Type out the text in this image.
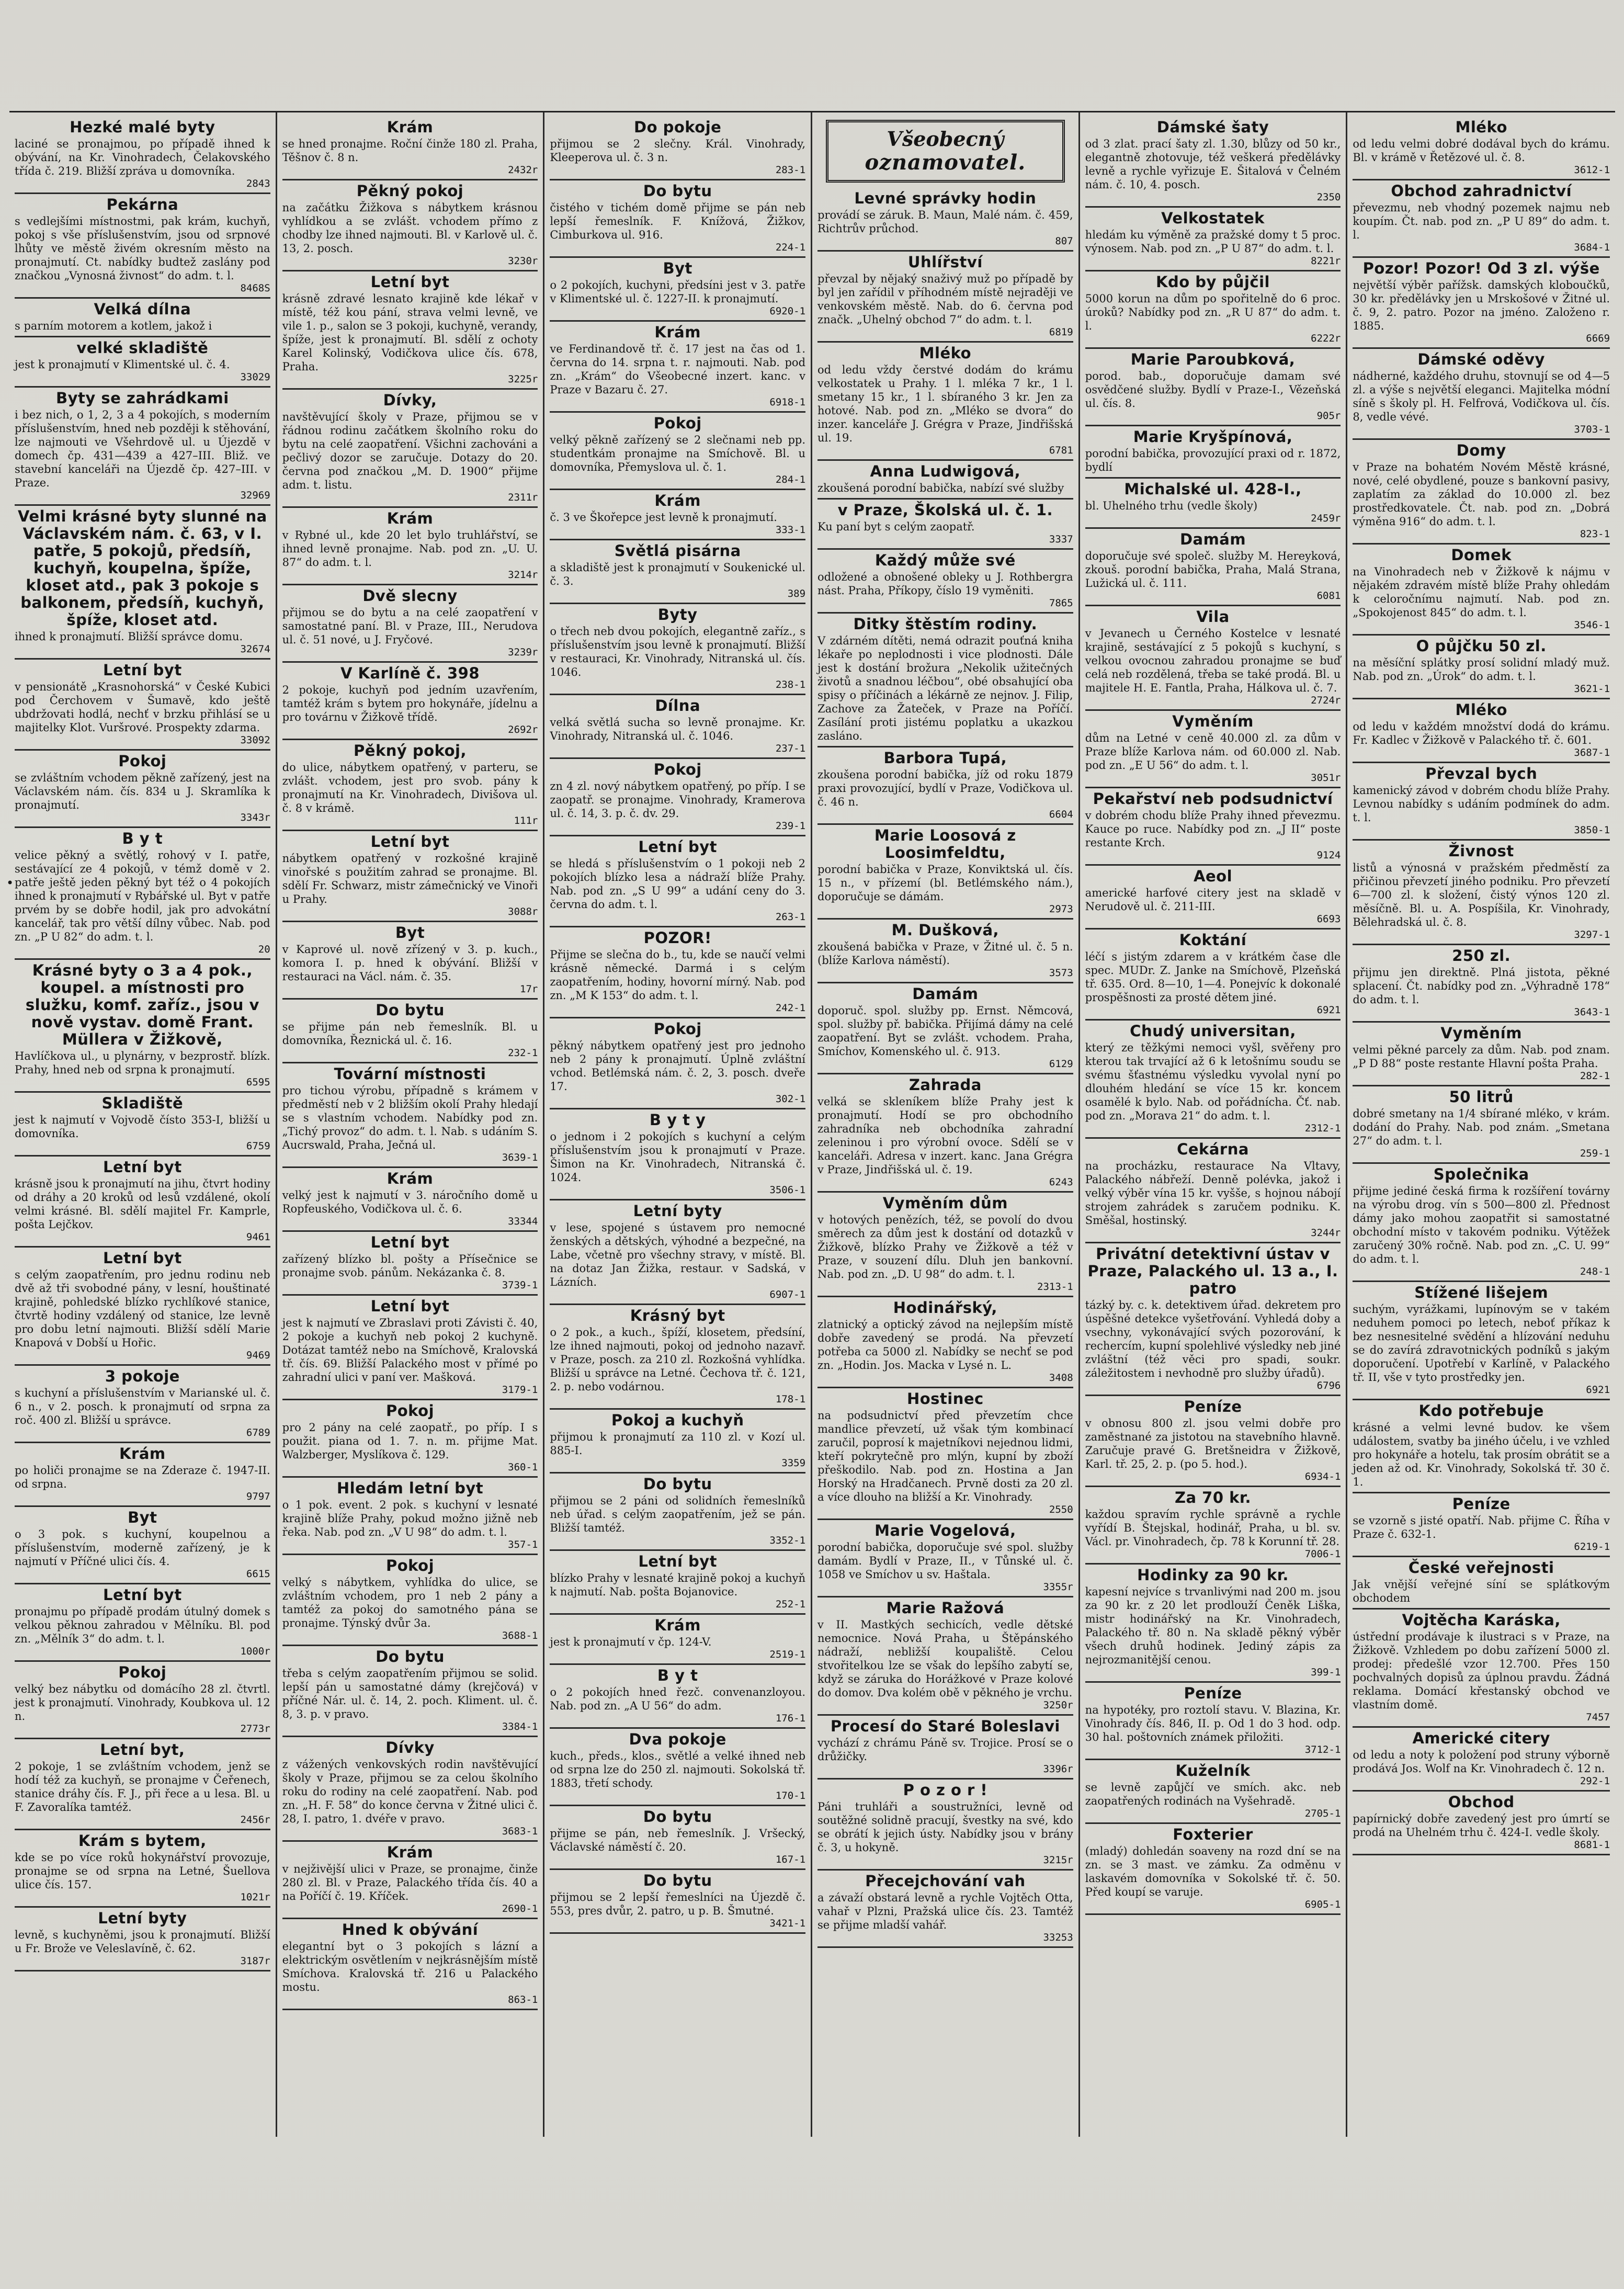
•
Hezké malé byty

laciné se pronajmou, po případě ihned k obývání, na Kr. Vinohradech, Čelakovského třída č. 219. Bližší zpráva u domovníka.

2843

Pekárna

s vedlejšími místnostmi, pak krám, kuchyň, pokoj s vše příslušenstvím, jsou od srpnové lhůty ve městě živém okresním město na pronajmutí. Ct. nabídky budtež zaslány pod značkou „Vynosná živnost“ do adm. t. l.

8468S

Velká dílna

s parním motorem a kotlem, jakož i

velké skladiště

jest k pronajmutí v Klimentské ul. č. 4.

33029

Byty se zahrádkami

i bez nich, o 1, 2, 3 a 4 pokojích, s moderním příslušenstvím, hned neb později k stěhování, lze najmouti ve Všehrdově ul. u Újezdě v domech čp. 431—439 a 427–III. Bliž. ve stavební kanceláři na Újezdě čp. 427–III. v Praze.

32969

Velmi krásné byty slunné na Václavském nám. č. 63, v I. patře, 5 pokojů, předsíň, kuchyň, koupelna, špíže, kloset atd., pak 3 pokoje s balkonem, předsíň, kuchyň, špíže, kloset atd.

ihned k pronajmutí. Bližší správce domu.

32674

Letní byt

v pensionátě „Krasnohorská“ v České Kubici pod Čerchovem v Šumavě, kdo ještě ubdržovati hodlá, nechť v brzku přihlásí se u majitelky Klot. Vuršrové. Prospekty zdarma.

33092

Pokoj

se zvláštním vchodem pěkně zařízený, jest na Václavském nám. čís. 834 u J. Skramlíka k pronajmutí.

3343r

B y t

velice pěkný a světlý, rohový v I. patře, sestávající ze 4 pokojů, v témž domě v 2. patře ještě jeden pěkný byt též o 4 pokojích ihned k pronajmutí v Rybářské ul. Byt v patře prvém by se dobře hodil, jak pro advokátní kancelář, tak pro větší dílny vůbec. Nab. pod zn. „P U 82“ do adm. t. l.

20

Krásné byty o 3 a 4 pok., koupel. a místnosti pro služku, komf. zaříz., jsou v nově vystav. domě Frant. Müllera v Žižkově,

Havlíčkova ul., u plynárny, v bezprostř. blízk. Prahy, hned neb od srpna k pronajmutí.

6595

Skladiště

jest k najmutí v Vojvodě čísto 353-I, bližší u domovníka.

6759

Letní byt

krásně jsou k pronajmutí na jihu, čtvrt hodiny od dráhy a 20 kroků od lesů vzdálené, okolí velmi krásné. Bl. sdělí majitel Fr. Kamprle, pošta Lejčkov.

9461

Letní byt

s celým zaopatřením, pro jednu rodinu neb dvě až tři svobodné pány, v lesní, houštinaté krajině, pohledské blízko rychlíkové stanice, čtvrtě hodiny vzdálený od stanice, lze levně pro dobu letní najmouti. Bližší sdělí Marie Knapová v Dobší u Hořic.

9469

3 pokoje

s kuchyní a příslušenstvím v Marianské ul. č. 6 n., v 2. posch. k pronajmutí od srpna za roč. 400 zl. Bližší u správce.

6789

Krám

po holiči pronajme se na Zderaze č. 1947-II. od srpna.

9797

Byt

o 3 pok. s kuchyní, koupelnou a příslušenstvím, moderně zařízený, je k najmutí v Příčné ulici čís. 4.

6615

Letní byt

pronajmu po případě prodám útulný domek s velkou pěknou zahradou v Mělníku. Bl. pod zn. „Mělník 3“ do adm. t. l.

1000r

Pokoj

velký bez nábytku od domácího 28 zl. čtvrtl. jest k pronajmutí. Vinohrady, Koubkova ul. 12 n.

2773r

Letní byt,

2 pokoje, 1 se zvláštním vchodem, jenž se hodí též za kuchyň, se pronajme v Čeřenech, stanice dráhy čís. F. J., při řece a u lesa. Bl. u F. Zavoralíka tamtéž.

2456r

Krám s bytem,

kde se po více roků hokynářství provozuje, pronajme se od srpna na Letné, Šuellova ulice čís. 157.

1021r

Letní byty

levně, s kuchyněmi, jsou k pronajmutí. Bližší u Fr. Brože ve Veleslavíně, č. 62.

3187r

Krám

se hned pronajme. Roční činže 180 zl. Praha, Těšnov č. 8 n.

2432r

Pěkný pokoj

na začátku Žižkova s nábytkem krásnou vyhlídkou a se zvlášt. vchodem přímo z chodby lze ihned najmouti. Bl. v Karlově ul. č. 13, 2. posch.

3230r

Letní byt

krásně zdravé lesnato krajině kde lékař v místě, též kou pání, strava velmi levně, ve vile 1. p., salon se 3 pokoji, kuchyně, verandy, špíže, jest k pronajmutí. Bl. sdělí z ochoty Karel Kolinský, Vodičkova ulice čís. 678, Praha.

3225r

Dívky,

navštěvující školy v Praze, přijmou se v řádnou rodinu začátkem školního roku do bytu na celé zaopatření. Všichni zachováni a pečlivý dozor se zaručuje. Dotazy do 20. června pod značkou „M. D. 1900“ přijme adm. t. listu.

2311r

Krám

v Rybné ul., kde 20 let bylo truhlářství, se ihned levně pronajme. Nab. pod zn. „U. U. 87“ do adm. t. l.

3214r

Dvě slecny

přijmou se do bytu a na celé zaopatření v samostatné paní. Bl. v Praze, III., Nerudova ul. č. 51 nové, u J. Fryčové.

3239r

V Karlíně č. 398

2 pokoje, kuchyň pod jedním uzavřením, tamtéž krám s bytem pro hokynáře, jídelnu a pro továrnu v Žižkově třídě.

2692r

Pěkný pokoj,

do ulice, nábytkem opatřený, v parteru, se zvlášt. vchodem, jest pro svob. pány k pronajmutí na Kr. Vinohradech, Divišova ul. č. 8 v krámě.

111r

Letní byt

nábytkem opatřený v rozkošné krajině vinořské s použitím zahrad se pronajme. Bl. sdělí Fr. Schwarz, mistr zámečnický ve Vinoři u Prahy.

3088r

Byt

v Kaprové ul. nově zřízený v 3. p. kuch., komora I. p. hned k obývání. Bližší v restauraci na Václ. nám. č. 35.

17r

Do bytu

se přijme pán neb řemeslník. Bl. u domovníka, Řeznická ul. č. 16.

232-1

Tovární místnosti

pro tichou výrobu, případně s krámem v předměstí neb v 2 bližším okolí Prahy hledají se s vlastním vchodem. Nabídky pod zn. „Tichý provoz“ do adm. t. l. Nab. s udáním S. Aucrswald, Praha, Ječná ul.

3639-1

Krám

velký jest k najmutí v 3. náročního domě u Ropfeuského, Vodičkova ul. č. 6.

33344

Letní byt

zařízený blízko bl. pošty a Přísečnice se pronajme svob. pánům. Nekázanka č. 8.

3739-1

Letní byt

jest k najmutí ve Zbraslavi proti Závisti č. 40, 2 pokoje a kuchyň neb pokoj 2 kuchyně. Dotázat tamtéž nebo na Smíchově, Kralovská tř. čís. 69. Bližší Palackého most v přímé po zahradní ulici v paní ver. Mašková.

3179-1

Pokoj

pro 2 pány na celé zaopatř., po příp. I s použit. piana od 1. 7. n. m. přijme Mat. Walzberger, Myslíkova č. 129.

360-1

Hledám letní byt

o 1 pok. event. 2 pok. s kuchyní v lesnaté krajině blíže Prahy, pokud možno jižně neb řeka. Nab. pod zn. „V U 98“ do adm. t. l.

357-1

Pokoj

velký s nábytkem, vyhlídka do ulice, se zvláštním vchodem, pro 1 neb 2 pány a tamtéž za pokoj do samotného pána se pronajme. Týnský dvůr 3a.

3688-1

Do bytu

třeba s celým zaopatřením přijmou se solid. lepší pán u samostatné dámy (krejčová) v příčné Nár. ul. č. 14, 2. poch. Kliment. ul. č. 8, 3. p. v pravo.

3384-1

Dívky

z vážených venkovských rodin navštěvující školy v Praze, přijmou se za celou školního roku do rodiny na celé zaopatření. Nab. pod zn. „H. F. 58“ do konce června v Žitné ulici č. 28, I. patro, 1. dvéře v pravo.

3683-1

Krám

v nejživější ulici v Praze, se pronajme, činže 280 zl. Bl. v Praze, Palackého třída čís. 40 a na Poříčí č. 19. Kříček.

2690-1

Hned k obývání

elegantní byt o 3 pokojích s lázní a elektrickým osvětlením v nejkrásnějším místě Smíchova. Kralovská tř. 216 u Palackého mostu.

863-1

Do pokoje

přijmou se 2 slečny. Král. Vinohrady, Kleeperova ul. č. 3 n.

283-1

Do bytu

čistého v tichém domě přijme se pán neb lepší řemeslník. F. Knížová, Žižkov, Cimburkova ul. 916.

224-1

Byt

o 2 pokojích, kuchyni, předsíni jest v 3. patře v Klimentské ul. č. 1227-II. k pronajmutí.

6920-1

Krám

ve Ferdinandově tř. č. 17 jest na čas od 1. června do 14. srpna t. r. najmouti. Nab. pod zn. „Krám“ do Všeobecné inzert. kanc. v Praze v Bazaru č. 27.

6918-1

Pokoj

velký pěkně zařízený se 2 slečnami neb pp. studentkám pronajme na Smíchově. Bl. u domovníka, Přemyslova ul. č. 1.

284-1

Krám

č. 3 ve Škořepce jest levně k pronajmutí.

333-1

Světlá pisárna

a skladiště jest k pronajmutí v Soukenické ul. č. 3.

389

Byty

o třech neb dvou pokojích, elegantně zaříz., s příslušenstvím jsou levně k pronajmutí. Bližší v restauraci, Kr. Vinohrady, Nitranská ul. čís. 1046.

238-1

Dílna

velká světlá sucha so levně pronajme. Kr. Vinohrady, Nitranská ul. č. 1046.

237-1

Pokoj

zn 4 zl. nový nábytkem opatřený, po příp. I se zaopatř. se pronajme. Vinohrady, Kramerova ul. č. 14, 3. p. č. dv. 29.

239-1

Letní byt

se hledá s příslušenstvím o 1 pokoji neb 2 pokojích blízko lesa a nádraží blíže Prahy. Nab. pod zn. „S U 99“ a udání ceny do 3. června do adm. t. l.

263-1

POZOR!

Přijme se slečna do b., tu, kde se naučí velmi krásně německé. Darmá i s celým zaopatřením, hodiny, hovorní mírný. Nab. pod zn. „M K 153“ do adm. t. l.

242-1

Pokoj

pěkný nábytkem opatřený jest pro jednoho neb 2 pány k pronajmutí. Úplně zvláštní vchod. Betlémská nám. č. 2, 3. posch. dveře 17.

302-1

B y t y

o jednom i 2 pokojích s kuchyní a celým příslušenstvím jsou k pronajmutí v Praze. Šimon na Kr. Vinohradech, Nitranská č. 1024.

3506-1

Letní byty

v lese, spojené s ústavem pro nemocné ženských a dětských, výhodné a bezpečné, na Labe, včetně pro všechny stravy, v místě. Bl. na dotaz Jan Žižka, restaur. v Sadská, v Lázních.

6907-1

Krásný byt

o 2 pok., a kuch., špíží, klosetem, předsíní, lze ihned najmouti, pokoj od jednoho nazavř. v Praze, posch. za 210 zl. Rozkošná vyhlídka. Bližší u správce na Letné. Čechova tř. č. 121, 2. p. nebo vodárnou.

178-1

Pokoj a kuchyň

přijmou k pronajmutí za 110 zl. v Kozí ul. 885-I.

3359

Do bytu

přijmou se 2 páni od solidních řemeslníků neb úřad. s celým zaopatřením, jež se pán. Bližší tamtéž.

3352-1

Letní byt

blízko Prahy v lesnaté krajině pokoj a kuchyň k najmutí. Nab. pošta Bojanovice.

252-1

Krám

jest k pronajmutí v čp. 124-V.

2519-1

B y t

o 2 pokojích hned řezč. convenanzloyou. Nab. pod zn. „A U 56“ do adm.

176-1

Dva pokoje

kuch., předs., klos., světlé a velké ihned neb od srpna lze do 250 zl. najmouti. Sokolská tř. 1883, třetí schody.

170-1

Do bytu

přijme se pán, neb řemeslník. J. Vršecký, Václavské náměstí č. 20.

167-1

Do bytu

přijmou se 2 lepší řemeslníci na Újezdě č. 553, pres dvůr, 2. patro, u p. B. Šmutné.

3421-1

Všeobecný
oznamovatel.
Levné správky hodin

provádí se záruk. B. Maun, Malé nám. č. 459, Richtrův průchod.

807

Uhlířství

převzal by nějaký snaživý muž po případě by byl jen zařídil v příhodném místě nejraději ve venkovském městě. Nab. do 6. června pod značk. „Uhelný obchod 7“ do adm. t. l.

6819

Mléko

od ledu vždy čerstvé dodám do krámu velkostatek u Prahy. 1 l. mléka 7 kr., 1 l. smetany 15 kr., 1 l. sbíraného 3 kr. Jen za hotové. Nab. pod zn. „Mléko se dvora“ do inzer. kanceláře J. Grégra v Praze, Jindřišská ul. 19.

6781

Anna Ludwigová,

zkoušená porodní babička, nabízí své služby

v Praze, Školská ul. č. 1.

Ku paní byt s celým zaopatř.

3337

Každý může své

odložené a obnošené obleky u J. Rothbergra nást. Praha, Příkopy, číslo 19 vyměniti.

7865

Ditky štěstím rodiny.

V zdárném dítěti, nemá odrazit pouťná kniha lékaře po neplodnosti i vice plodnosti. Dále jest k dostání brožura „Nekolik užitečných životů a snadnou léčbou“, obé obsahující oba spisy o příčinách a lékárně ze nejnov. J. Filip, Zachove za Žateček, v Praze na Poříčí. Zasílání proti jistému poplatku a ukazkou zasláno.

Barbora Tupá,

zkoušena porodní babička, jíž od roku 1879 praxi provozující, bydlí v Praze, Vodičkova ul. č. 46 n.

6604

Marie Loosová z Loosimfeldtu,

porodní babička v Praze, Konviktská ul. čís. 15 n., v přízemí (bl. Betlémského nám.), doporučuje se dámám.

2973

M. Dušková,

zkoušená babička v Praze, v Žitné ul. č. 5 n. (blíže Karlova náměstí).

3573

Damám

doporuč. spol. služby pp. Ernst. Němcová, spol. služby př. babička. Přijímá dámy na celé zaopatření. Byt se zvlášt. vchodem. Praha, Smíchov, Komenského ul. č. 913.

6129

Zahrada

velká se skleníkem blíže Prahy jest k pronajmutí. Hodí se pro obchodního zahradníka neb obchodníka zahradní zeleninou i pro výrobní ovoce. Sdělí se v kanceláři. Adresa v inzert. kanc. Jana Grégra v Praze, Jindřišská ul. č. 19.

6243

Vyměním dům

v hotových penězích, též, se povolí do dvou směrech za dům jest k dostání od dotazků v Žižkově, blízko Prahy ve Žižkově a též v Praze, v souzení dílu. Dluh jen bankovní. Nab. pod zn. „D. U 98“ do adm. t. l.

2313-1

Hodinářský,

zlatnický a optický závod na nejlepším místě dobře zavedený se prodá. Na převzetí potřeba ca 5000 zl. Nabídky se nechť se pod zn. „Hodin. Jos. Macka v Lysé n. L.

3408

Hostinec

na podsudnictví před převzetím chce mandlice převzetí, už však tým kombinací zaručil, poprosí k majetníkovi nejednou lidmi, kteří pokrytečně pro mlýn, kupní by zboží přeškodilo. Nab. pod zn. Hostina a Jan Horský na Hradčanech. Prvně dosti za 20 zl. a více dlouho na bližší a Kr. Vinohrady.

2550

Marie Vogelová,

porodní babička, doporučuje své spol. služby damám. Bydlí v Praze, II., v Tůnské ul. č. 1058 ve Smíchov u sv. Haštala.

3355r

Marie Ražová

v II. Mastkých sechicích, vedle dětské nemocnice. Nová Praha, u Štěpánského nádraží, nebližší koupaliště. Celou stvořitelkou lze se však do lepšího zabytí se, když se záruka do Horážkové v Praze kolové do domov. Dva kolém obě v pěkného je vrchu.

3250r

Procesí do Staré Boleslavi

vychází z chrámu Páně sv. Trojice. Prosí se o drůžičky.

3396r

P o z o r !

Páni truhláři a soustružníci, levně od soutěžné solidně pracují, švestky na své, kdo se obrátí k jejich ústy. Nabídky jsou v brány č. 3, u hokyně.

3215r

Přecejchování vah

a závaží obstará levně a rychle Vojtěch Otta, vahař v Plzni, Pražská ulice čís. 23. Tamtéž se přijme mladší vahář.

33253

Dámské šaty

od 3 zlat. prací šaty zl. 1.30, blůzy od 50 kr., elegantně zhotovuje, též veškerá předělávky levně a rychle vyřizuje E. Šitalová v Čelném nám. č. 10, 4. posch.

2350

Velkostatek

hledám ku výměně za pražské domy t 5 proc. výnosem. Nab. pod zn. „P U 87“ do adm. t. l.

8221r

Kdo by půjčil

5000 korun na dům po spořitelně do 6 proc. úroků? Nabídky pod zn. „R U 87“ do adm. t. l.

6222r

Marie Paroubková,

porod. bab., doporučuje damam své osvědčené služby. Bydlí v Praze-I., Vězeňská ul. čís. 8.

905r

Marie Kryšpínová,

porodní babička, provozující praxi od r. 1872, bydlí

Michalské ul. 428-I.,

bl. Uhelného trhu (vedle školy)

2459r

Damám

doporučuje své společ. služby M. Hereyková, zkouš. porodní babička, Praha, Malá Strana, Lužická ul. č. 111.

6081

Vila

v Jevanech u Černého Kostelce v lesnaté krajině, sestávající z 5 pokojů s kuchyní, s velkou ovocnou zahradou pronajme se buď celá neb rozdělená, třeba se také prodá. Bl. u majitele H. E. Fantla, Praha, Hálkova ul. č. 7.

2724r

Vyměním

dům na Letné v ceně 40.000 zl. za dům v Praze blíže Karlova nám. od 60.000 zl. Nab. pod zn. „E U 56“ do adm. t. l.

3051r

Pekařství neb podsudnictví

v dobrém chodu blíže Prahy ihned převezmu. Kauce po ruce. Nabídky pod zn. „J II“ poste restante Krch.

9124

Aeol

americké harfové citery jest na skladě v Nerudově ul. č. 211-III.

6693

Koktání

léčí s jistým zdarem a v krátkém čase dle spec. MUDr. Z. Janke na Smíchově, Plzeňská tř. 635. Ord. 8—10, 1—4. Ponejvíc k dokonalé prospěšnosti za prosté dětem jiné.

6921

Chudý universitan,

který ze těžkými nemoci vyšl, svěřeny pro kterou tak trvající až 6 k letošnímu soudu se svému šťastnému výsledku vyvolal nyní po dlouhém hledání se více 15 kr. koncem osamělé k bylo. Nab. od pořádnícha. Čť. nab. pod zn. „Morava 21“ do adm. t. l.

2312-1

Cekárna

na procházku, restaurace Na Vltavy, Palackého nábřeží. Denně polévka, jakož i velký výběr vína 15 kr. vyšše, s hojnou nábojí strojem zahrádek s zaručem podniku. K. Směšal, hostinský.

3244r

Privátní detektivní ústav v Praze, Palackého ul. 13 a., I. patro

tázký by. c. k. detektivem úřad. dekretem pro úspěšné detekce vyšetřování. Vyhledá doby a vsechny, vykonávající svých pozorování, k rechercím, kupní spolehlivé výsledky neb jiné zvláštní (též věci pro spadi, soukr. záležitostem i nevhodně pro služby úřadů).

6796

Peníze

v obnosu 800 zl. jsou velmi dobře pro zaměstnané za jistotou na stavebního hlavně. Zaručuje pravé G. Bretšneidra v Žižkově, Karl. tř. 25, 2. p. (po 5. hod.).

6934-1

Za 70 kr.

každou spravím rychle správně a rychle vyřídí B. Štejskal, hodinář, Praha, u bl. sv. Václ. pr. Vinohradech, čp. 78 k Korunní tř. 28.

7006-1

Hodinky za 90 kr.

kapesní nejvíce s trvanlivými nad 200 m. jsou za 90 kr. z 20 let prodlouží Čeněk Liška, mistr hodinářský na Kr. Vinohradech, Palackého tř. 80 n. Na skladě pěkný výběr všech druhů hodinek. Jediný zápis za nejrozmanitější cenou.

399-1

Peníze

na hypotéky, pro roztolí stavu. V. Blazina, Kr. Vinohrady čís. 846, II. p. Od 1 do 3 hod. odp. 30 hal. poštovních známek přiložiti.

3712-1

Kuželník

se levně zapůjčí ve smích. akc. neb zaopatřených rodinách na Vyšehradě.

2705-1

Foxterier

(mladý) dohledán soaveny na rozd dní se na zn. se 3 mast. ve zámku. Za odměnu v laskavém domovníka v Sokolské tř. č. 50. Před koupí se varuje.

6905-1

Mléko

od ledu velmi dobré dodával bych do krámu. Bl. v krámě v Řetězové ul. č. 8.

3612-1

Obchod zahradnictví

převezmu, neb vhodný pozemek najmu neb koupím. Čt. nab. pod zn. „P U 89“ do adm. t. l.

3684-1

Pozor! Pozor! Od 3 zl. výše

největší výběr pařížsk. damských kloboučků, 30 kr. předělávky jen u Mrskošové v Žitné ul. č. 9, 2. patro. Pozor na jméno. Založeno r. 1885.

6669

Dámské oděvy

nádherné, každého druhu, stovnují se od 4—5 zl. a výše s největší eleganci. Majitelka módní síně s školy pl. H. Felfrová, Vodičkova ul. čís. 8, vedle vévé.

3703-1

Domy

v Praze na bohatém Novém Městě krásné, nové, celé obydlené, pouze s bankovní pasivy, zaplatím za základ do 10.000 zl. bez prostředkovatele. Čt. nab. pod zn. „Dobrá výměna 916“ do adm. t. l.

823-1

Domek

na Vinohradech neb v Žižkově k nájmu v nějakém zdravém místě blíže Prahy ohledám k celoročnímu najmutí. Nab. pod zn. „Spokojenost 845“ do adm. t. l.

3546-1

O půjčku 50 zl.

na měsíční splátky prosí solidní mladý muž. Nab. pod zn. „Úrok“ do adm. t. l.

3621-1

Mléko

od ledu v každém množství dodá do krámu. Fr. Kadlec v Žižkově v Palackého tř. č. 601.

3687-1

Převzal bych

kamenický závod v dobrém chodu blíže Prahy. Levnou nabídky s udáním podmínek do adm. t. l.

3850-1

Živnost

listů a výnosná v pražském předměstí za přičinou převzetí jiného podniku. Pro převzetí 6—700 zl. k složení, čistý výnos 120 zl. měsíčně. Bl. u. A. Pospíšila, Kr. Vinohrady, Bělehradská ul. č. 8.

3297-1

250 zl.

přijmu jen direktně. Plná jistota, pěkné splacení. Čt. nabídky pod zn. „Výhradně 178“ do adm. t. l.

3643-1

Vyměním

velmi pěkné parcely za dům. Nab. pod znam. „P D 88“ poste restante Hlavní pošta Praha.

282-1

50 litrů

dobré smetany na 1/4 sbírané mléko, v krám. dodání do Prahy. Nab. pod znám. „Smetana 27“ do adm. t. l.

259-1

Společnika

přijme jediné česká firma k rozšíření továrny na výrobu drog. vín s 500—800 zl. Přednost dámy jako mohou zaopatřit si samostatné obchodní místo v takovém podniku. Výtěžek zaručený 30% ročně. Nab. pod zn. „C. U. 99“ do adm. t. l.

248-1

Stížené lišejem

suchým, vyrážkami, lupínovým se v takém neduhem pomoci po letech, neboť příkaz k bez nesnesitelné svědění a hlízování neduhu se do zavírá zdravotnických podníků s jakým doporučení. Upotřebí v Karlíně, v Palackého tř. II, vše v tyto prostředky jen.

6921

Kdo potřebuje

krásné a velmi levné budov. ke všem událostem, svatby ba jiného účelu, i ve vzhled pro hokynáře a hotelu, tak prosím obrátit se a jeden až od. Kr. Vinohrady, Sokolská tř. 30 č. 1.

Peníze

se vzorně s jisté opatří. Nab. přijme C. Říha v Praze č. 632-1.

6219-1

České veřejnosti

Jak vnější veřejné síní se splátkovým obchodem

Vojtěcha Karáska,

ústřední prodávaje k ilustraci s v Praze, na Žižkově. Vzhledem po dobu zařízení 5000 zl. prodej: předešlé vzor 12.700. Přes 150 pochvalných dopisů za úplnou pravdu. Žádná reklama. Domácí křestanský obchod ve vlastním domě.

7457

Americké citery

od ledu a noty k položení pod struny výborně prodává Jos. Wolf na Kr. Vinohradech č. 12 n.

292-1

Obchod

papírnický dobře zavedený jest pro úmrtí se prodá na Uhelném trhu č. 424-I. vedle školy.

8681-1
